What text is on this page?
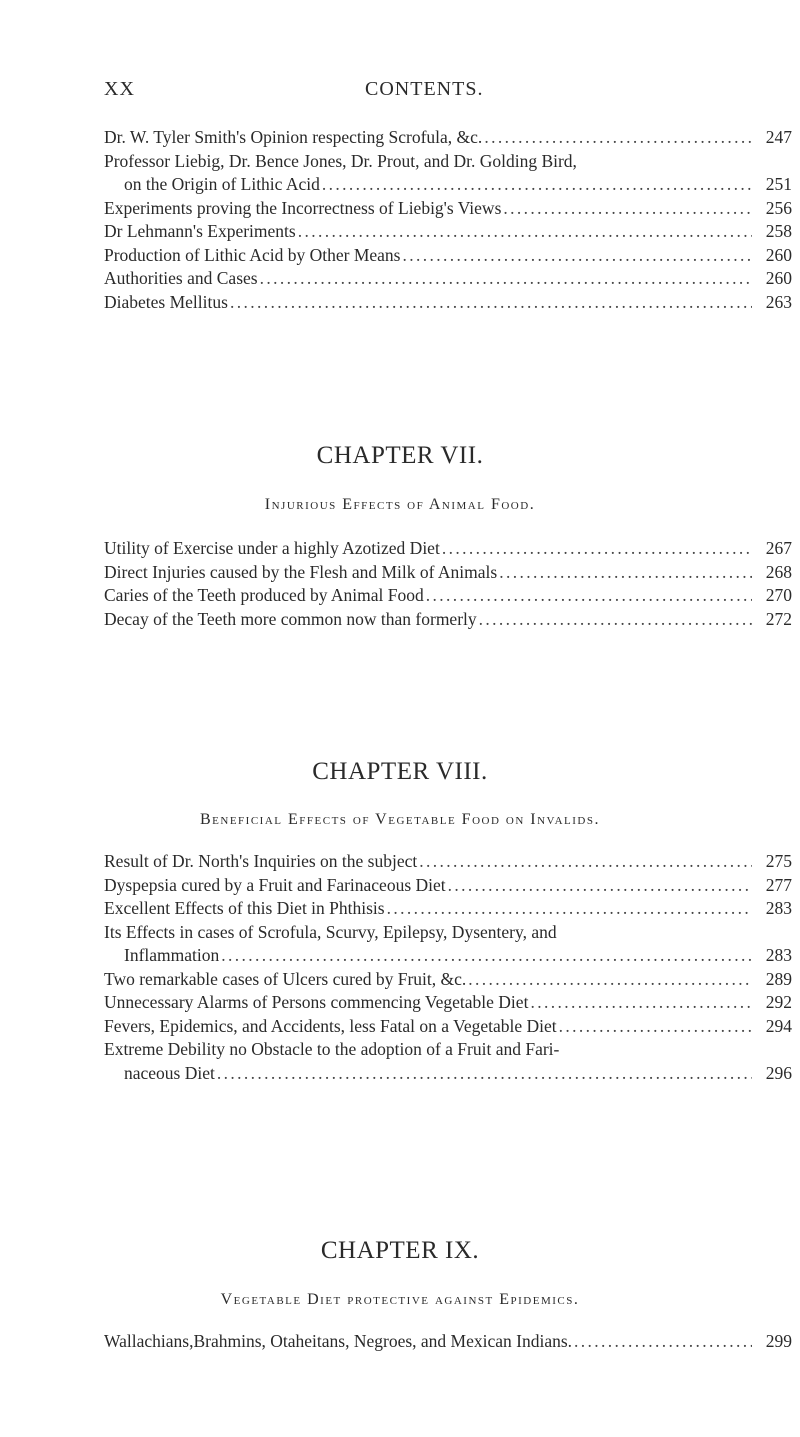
XX	CONTENTS.
Dr. W. Tyler Smith's Opinion respecting Scrofula, &c. . . .	247
Professor Liebig, Dr. Bence Jones, Dr. Prout, and Dr. Golding Bird,
on the Origin of Lithic Acid . . .	251
Experiments proving the Incorrectness of Liebig's Views . . .	256
Dr Lehmann's Experiments . . .	258
Production of Lithic Acid by Other Means . . .	260
Authorities and Cases . . .	260
Diabetes Mellitus . . .	263
CHAPTER VII.
Injurious Effects of Animal Food.
Utility of Exercise under a highly Azotized Diet . . .	267
Direct Injuries caused by the Flesh and Milk of Animals . . .	268
Caries of the Teeth produced by Animal Food . . .	270
Decay of the Teeth more common now than formerly . . .	272
CHAPTER VIII.
Beneficial Effects of Vegetable Food on Invalids.
Result of Dr. North's Inquiries on the subject . . .	275
Dyspepsia cured by a Fruit and Farinaceous Diet . . .	277
Excellent Effects of this Diet in Phthisis . . .	283
Its Effects in cases of Scrofula, Scurvy, Epilepsy, Dysentery, and
Inflammation . . .	283
Two remarkable cases of Ulcers cured by Fruit, &c. . . .	289
Unnecessary Alarms of Persons commencing Vegetable Diet . . .	292
Fevers, Epidemics, and Accidents, less Fatal on a Vegetable Diet . . .	294
Extreme Debility no Obstacle to the adoption of a Fruit and Fari-
naceous Diet . . .	296
CHAPTER IX.
Vegetable Diet protective against Epidemics.
Wallachians,Brahmins, Otaheitans, Negroes, and Mexican Indians. . . .	299
